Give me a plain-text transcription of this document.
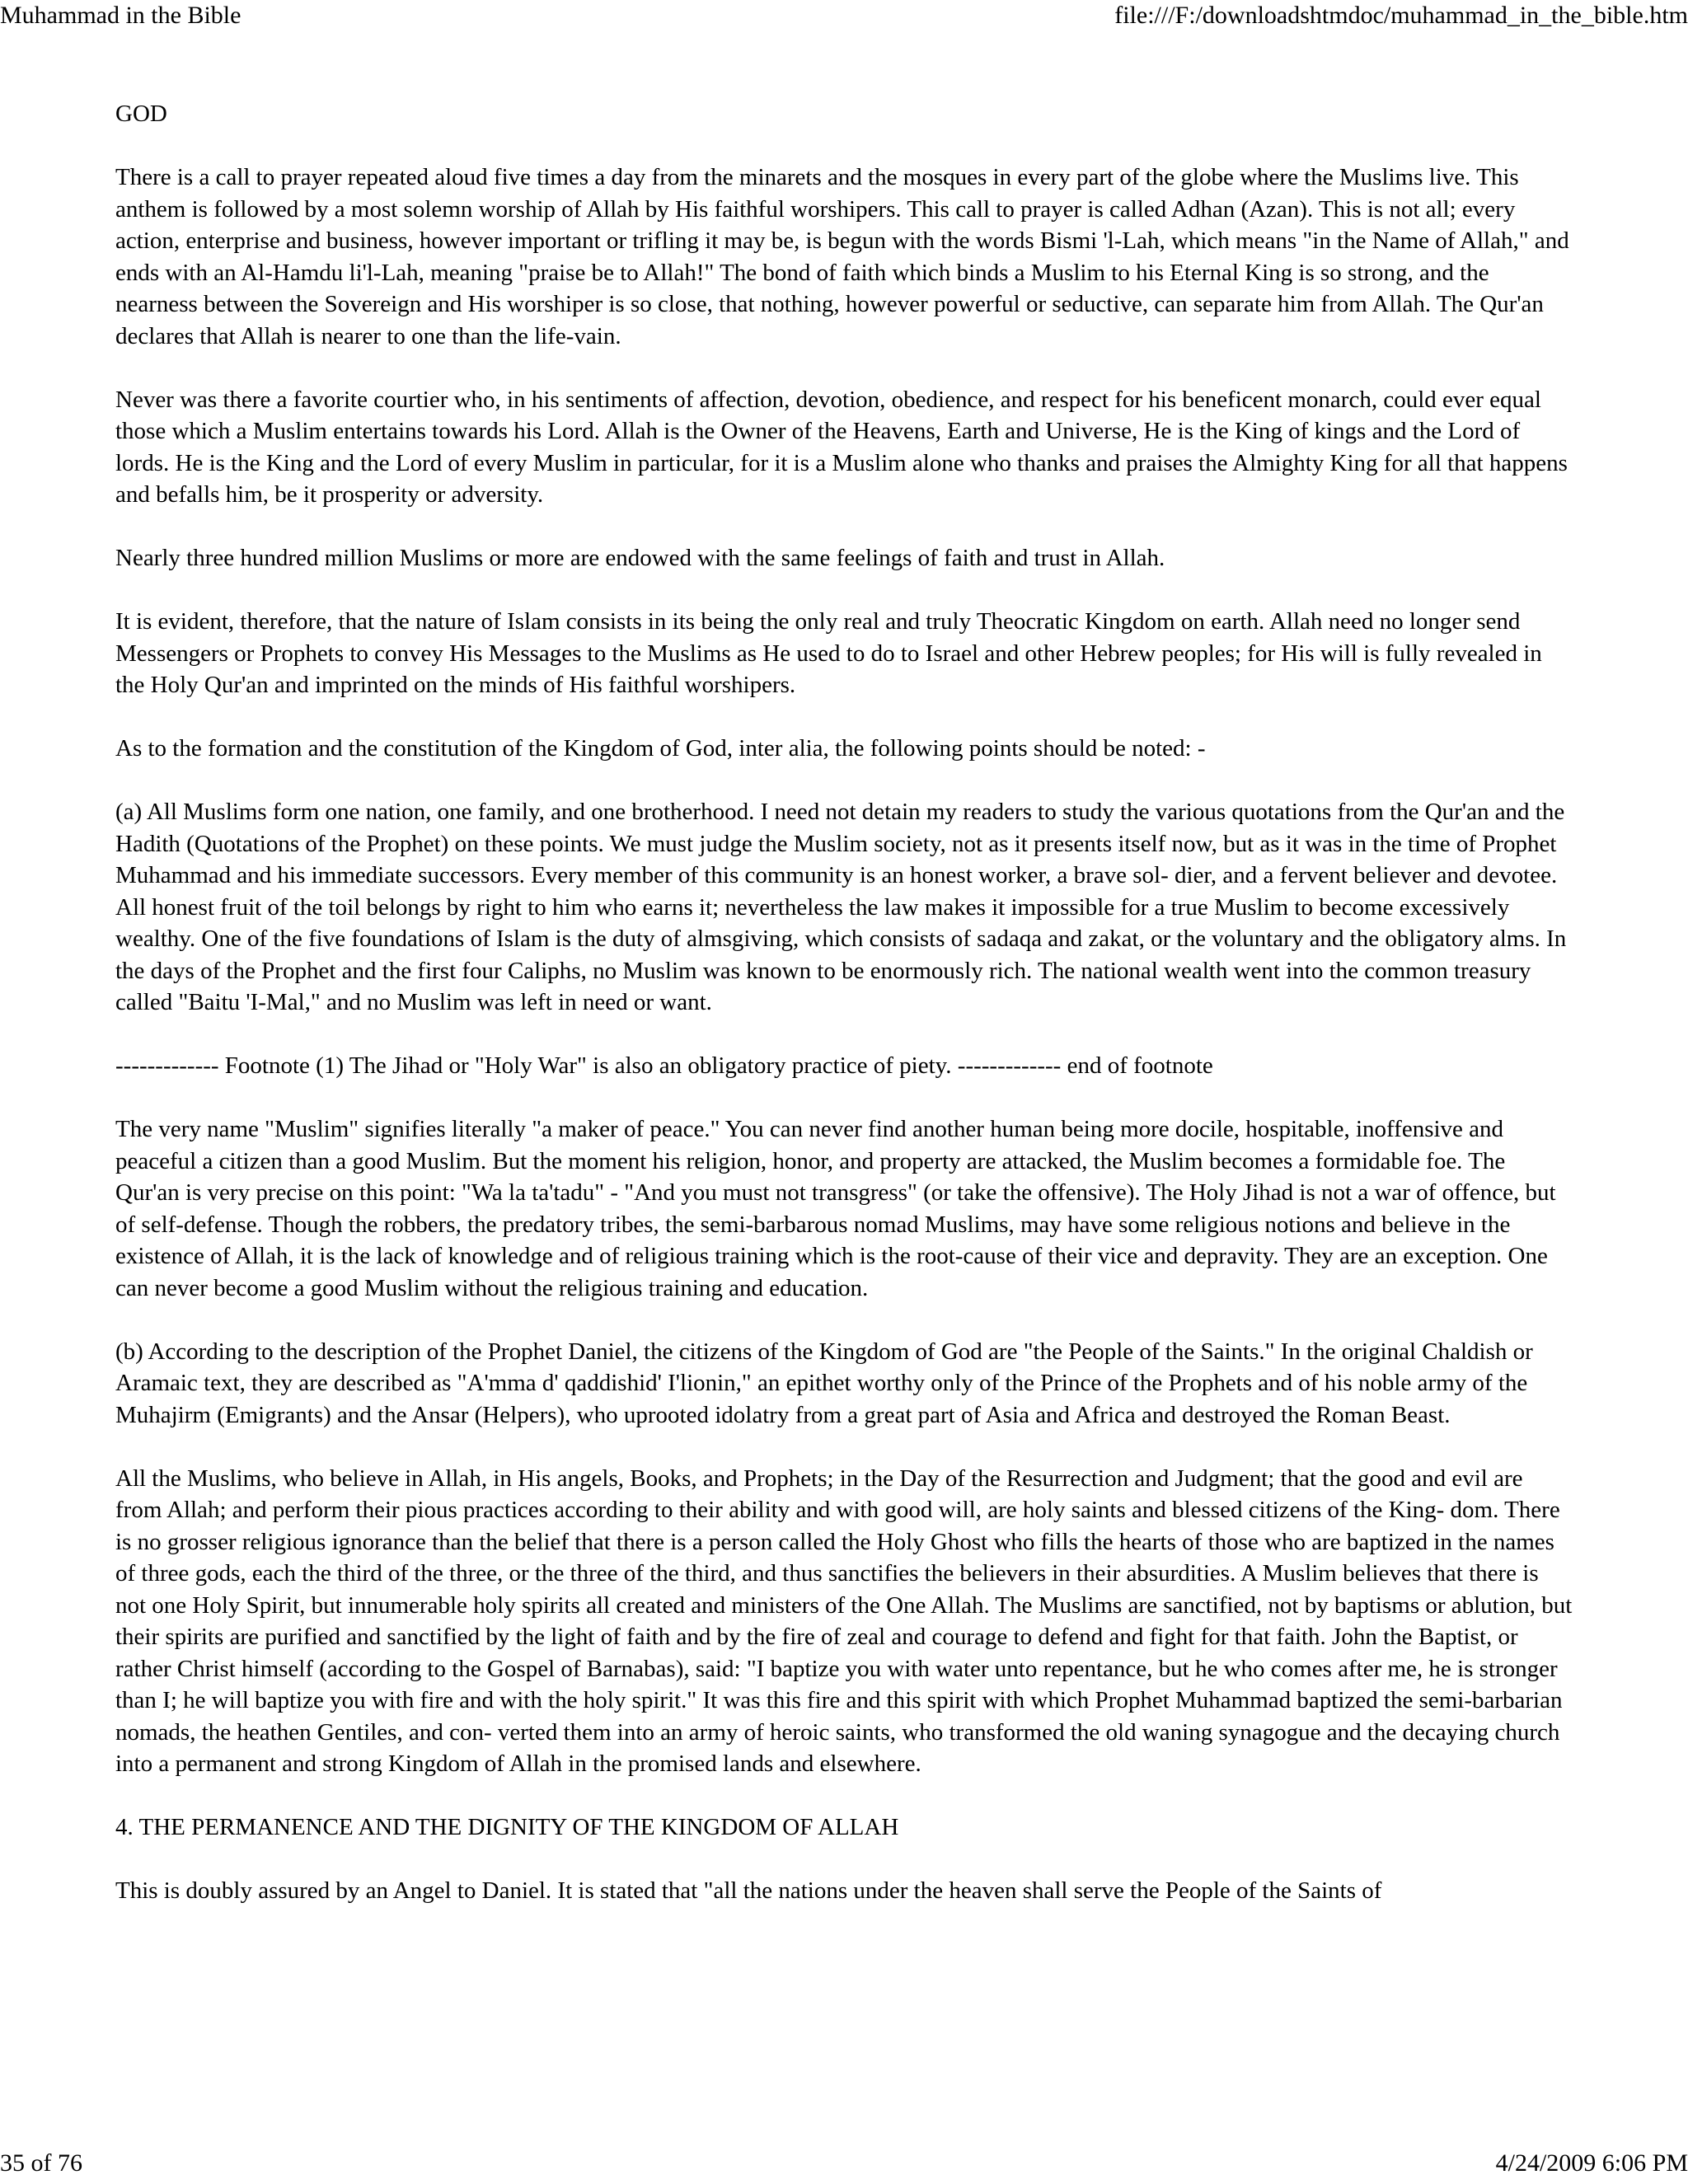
Muhammad in the Bible	file:///F:/downloadshtmdoc/muhammad_in_the_bible.htm

GOD

There is a call to prayer repeated aloud five times a day from the minarets and the mosques in every part of the globe where the Muslims live. This anthem is followed by a most solemn worship of Allah by His faithful worshipers. This call to prayer is called Adhan (Azan). This is not all; every action, enterprise and business, however important or trifling it may be, is begun with the words Bismi 'l-Lah, which means "in the Name of Allah," and ends with an Al-Hamdu li'l-Lah, meaning "praise be to Allah!" The bond of faith which binds a Muslim to his Eternal King is so strong, and the nearness between the Sovereign and His worshiper is so close, that nothing, however powerful or seductive, can separate him from Allah. The Qur'an declares that Allah is nearer to one than the life-vain.

Never was there a favorite courtier who, in his sentiments of affection, devotion, obedience, and respect for his beneficent monarch, could ever equal those which a Muslim entertains towards his Lord. Allah is the Owner of the Heavens, Earth and Universe, He is the King of kings and the Lord of lords. He is the King and the Lord of every Muslim in particular, for it is a Muslim alone who thanks and praises the Almighty King for all that happens and befalls him, be it prosperity or adversity.

Nearly three hundred million Muslims or more are endowed with the same feelings of faith and trust in Allah.

It is evident, therefore, that the nature of Islam consists in its being the only real and truly Theocratic Kingdom on earth. Allah need no longer send Messengers or Prophets to convey His Messages to the Muslims as He used to do to Israel and other Hebrew peoples; for His will is fully revealed in the Holy Qur'an and imprinted on the minds of His faithful worshipers.

As to the formation and the constitution of the Kingdom of God, inter alia, the following points should be noted: -

(a) All Muslims form one nation, one family, and one brotherhood. I need not detain my readers to study the various quotations from the Qur'an and the Hadith (Quotations of the Prophet) on these points. We must judge the Muslim society, not as it presents itself now, but as it was in the time of Prophet Muhammad and his immediate successors. Every member of this community is an honest worker, a brave sol- dier, and a fervent believer and devotee. All honest fruit of the toil belongs by right to him who earns it; nevertheless the law makes it impossible for a true Muslim to become excessively wealthy. One of the five foundations of Islam is the duty of almsgiving, which consists of sadaqa and zakat, or the voluntary and the obligatory alms. In the days of the Prophet and the first four Caliphs, no Muslim was known to be enormously rich. The national wealth went into the common treasury called "Baitu 'I-Mal," and no Muslim was left in need or want.

------------- Footnote (1) The Jihad or "Holy War" is also an obligatory practice of piety. ------------- end of footnote

The very name "Muslim" signifies literally "a maker of peace." You can never find another human being more docile, hospitable, inoffensive and peaceful a citizen than a good Muslim. But the moment his religion, honor, and property are attacked, the Muslim becomes a formidable foe. The Qur'an is very precise on this point: "Wa la ta'tadu" - "And you must not transgress" (or take the offensive). The Holy Jihad is not a war of offence, but of self-defense. Though the robbers, the predatory tribes, the semi-barbarous nomad Muslims, may have some religious notions and believe in the existence of Allah, it is the lack of knowledge and of religious training which is the root-cause of their vice and depravity. They are an exception. One can never become a good Muslim without the religious training and education.

(b) According to the description of the Prophet Daniel, the citizens of the Kingdom of God are "the People of the Saints." In the original Chaldish or Aramaic text, they are described as "A'mma d' qaddishid' I'lionin," an epithet worthy only of the Prince of the Prophets and of his noble army of the Muhajirm (Emigrants) and the Ansar (Helpers), who uprooted idolatry from a great part of Asia and Africa and destroyed the Roman Beast.

All the Muslims, who believe in Allah, in His angels, Books, and Prophets; in the Day of the Resurrection and Judgment; that the good and evil are from Allah; and perform their pious practices according to their ability and with good will, are holy saints and blessed citizens of the King- dom. There is no grosser religious ignorance than the belief that there is a person called the Holy Ghost who fills the hearts of those who are baptized in the names of three gods, each the third of the three, or the three of the third, and thus sanctifies the believers in their absurdities. A Muslim believes that there is not one Holy Spirit, but innumerable holy spirits all created and ministers of the One Allah. The Muslims are sanctified, not by baptisms or ablution, but their spirits are purified and sanctified by the light of faith and by the fire of zeal and courage to defend and fight for that faith. John the Baptist, or rather Christ himself (according to the Gospel of Barnabas), said: "I baptize you with water unto repentance, but he who comes after me, he is stronger than I; he will baptize you with fire and with the holy spirit." It was this fire and this spirit with which Prophet Muhammad baptized the semi-barbarian nomads, the heathen Gentiles, and con- verted them into an army of heroic saints, who transformed the old waning synagogue and the decaying church into a permanent and strong Kingdom of Allah in the promised lands and elsewhere.

4. THE PERMANENCE AND THE DIGNITY OF THE KINGDOM OF ALLAH

This is doubly assured by an Angel to Daniel. It is stated that "all the nations under the heaven shall serve the People of the Saints of

35 of 76	4/24/2009 6:06 PM
